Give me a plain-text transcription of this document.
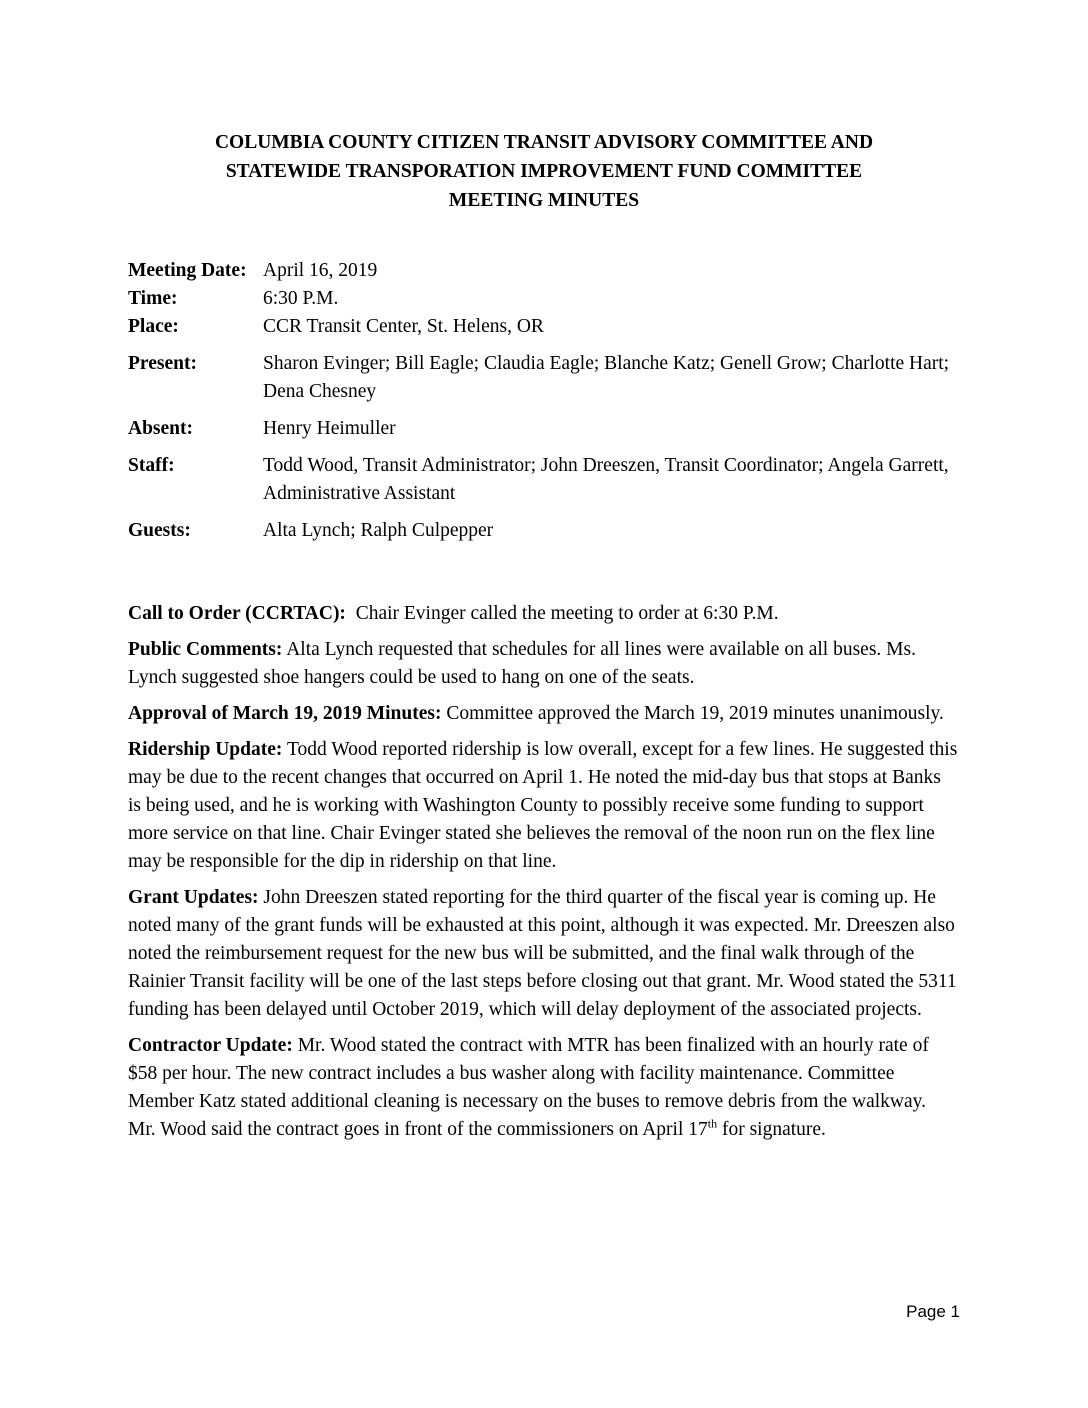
COLUMBIA COUNTY CITIZEN TRANSIT ADVISORY COMMITTEE AND
STATEWIDE TRANSPORATION IMPROVEMENT FUND COMMITTEE
MEETING MINUTES
Meeting Date: April 16, 2019
Time:	6:30 P.M.
Place:	CCR Transit Center, St. Helens, OR
Present:	Sharon Evinger; Bill Eagle; Claudia Eagle; Blanche Katz; Genell Grow; Charlotte Hart; Dena Chesney
Absent:	Henry Heimuller
Staff:	Todd Wood, Transit Administrator; John Dreeszen, Transit Coordinator; Angela Garrett, Administrative Assistant
Guests:	Alta Lynch; Ralph Culpepper

Call to Order (CCRTAC): Chair Evinger called the meeting to order at 6:30 P.M.

Public Comments: Alta Lynch requested that schedules for all lines were available on all buses. Ms. Lynch suggested shoe hangers could be used to hang on one of the seats.

Approval of March 19, 2019 Minutes: Committee approved the March 19, 2019 minutes unanimously.

Ridership Update: Todd Wood reported ridership is low overall, except for a few lines. He suggested this may be due to the recent changes that occurred on April 1. He noted the mid-day bus that stops at Banks is being used, and he is working with Washington County to possibly receive some funding to support more service on that line. Chair Evinger stated she believes the removal of the noon run on the flex line may be responsible for the dip in ridership on that line.

Grant Updates: John Dreeszen stated reporting for the third quarter of the fiscal year is coming up. He noted many of the grant funds will be exhausted at this point, although it was expected. Mr. Dreeszen also noted the reimbursement request for the new bus will be submitted, and the final walk through of the Rainier Transit facility will be one of the last steps before closing out that grant. Mr. Wood stated the 5311 funding has been delayed until October 2019, which will delay deployment of the associated projects.

Contractor Update: Mr. Wood stated the contract with MTR has been finalized with an hourly rate of $58 per hour. The new contract includes a bus washer along with facility maintenance. Committee Member Katz stated additional cleaning is necessary on the buses to remove debris from the walkway. Mr. Wood said the contract goes in front of the commissioners on April 17th for signature.

Page 1
